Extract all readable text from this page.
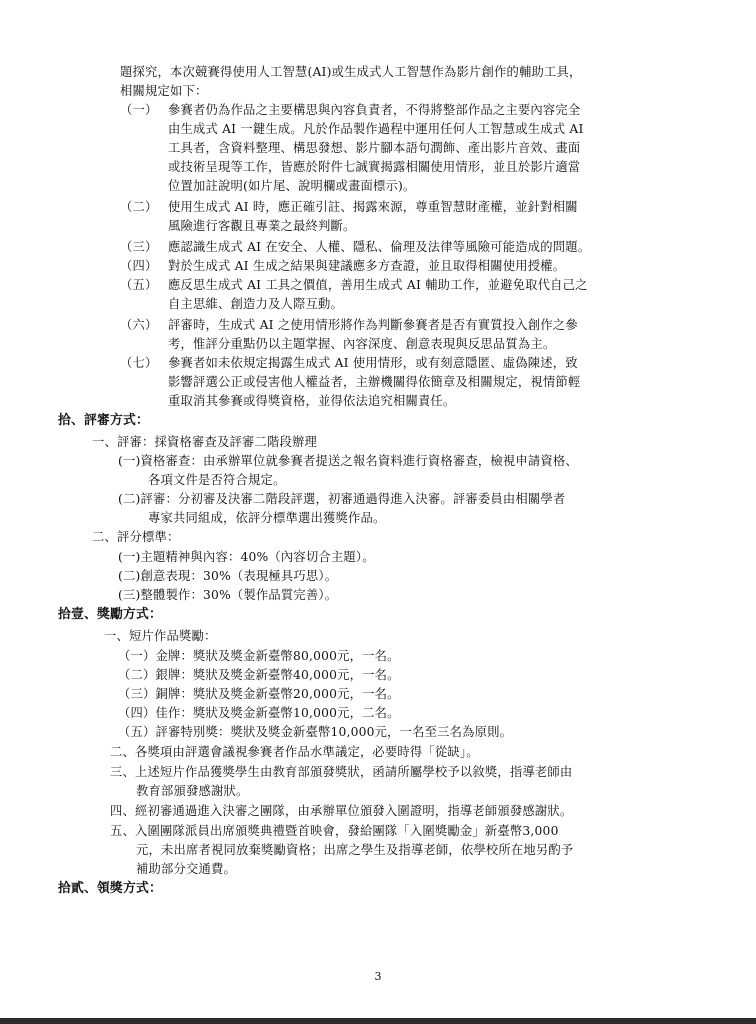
題探究，本次競賽得使用人工智慧(AI)或生成式人工智慧作為影片創作的輔助工具，
相關規定如下：
（一） 參賽者仍為作品之主要構思與內容負責者，不得將整部作品之主要內容完全
由生成式 AI 一鍵生成。凡於作品製作過程中運用任何人工智慧或生成式 AI
工具者，含資料整理、構思發想、影片腳本語句潤飾、產出影片音效、畫面
或技術呈現等工作，皆應於附件七誠實揭露相關使用情形，並且於影片適當
位置加註說明(如片尾、說明欄或畫面標示)。
（二） 使用生成式 AI 時，應正確引註、揭露來源，尊重智慧財產權，並針對相關
風險進行客觀且專業之最終判斷。
（三） 應認識生成式 AI 在安全、人權、隱私、倫理及法律等風險可能造成的問題。
（四） 對於生成式 AI 生成之結果與建議應多方查證，並且取得相關使用授權。
（五） 應反思生成式 AI 工具之價值，善用生成式 AI 輔助工作，並避免取代自己之
自主思維、創造力及人際互動。
（六） 評審時，生成式 AI 之使用情形將作為判斷參賽者是否有實質投入創作之參
考，惟評分重點仍以主題掌握、內容深度、創意表現與反思品質為主。
（七） 參賽者如未依規定揭露生成式 AI 使用情形，或有刻意隱匿、虛偽陳述，致
影響評選公正或侵害他人權益者，主辦機關得依簡章及相關規定，視情節輕
重取消其參賽或得獎資格，並得依法追究相關責任。
拾、評審方式：
一、評審：採資格審查及評審二階段辦理
(一)資格審查：由承辦單位就參賽者提送之報名資料進行資格審查，檢視申請資格、
各項文件是否符合規定。
(二)評審：分初審及決審二階段評選，初審通過得進入決審。評審委員由相關學者
專家共同組成，依評分標準選出獲獎作品。
二、評分標準：
(一)主題精神與內容：40%（內容切合主題）。
(二)創意表現：30%（表現極具巧思）。
(三)整體製作：30%（製作品質完善）。
拾壹、獎勵方式：
一、短片作品獎勵：
（一）金牌：獎狀及獎金新臺幣80,000元，一名。
（二）銀牌：獎狀及獎金新臺幣40,000元，一名。
（三）銅牌：獎狀及獎金新臺幣20,000元，一名。
（四）佳作：獎狀及獎金新臺幣10,000元，二名。
（五）評審特別獎：獎狀及獎金新臺幣10,000元，一名至三名為原則。
二、各獎項由評選會議視參賽者作品水準議定，必要時得「從缺」。
三、上述短片作品獲獎學生由教育部頒發獎狀，函請所屬學校予以敘獎，指導老師由
教育部頒發感謝狀。
四、經初審通過進入決審之團隊，由承辦單位頒發入圍證明，指導老師頒發感謝狀。
五、入圍團隊派員出席頒獎典禮暨首映會，發給團隊「入圍獎勵金」新臺幣3,000
元，未出席者視同放棄獎勵資格；出席之學生及指導老師，依學校所在地另酌予
補助部分交通費。
拾貳、領獎方式：
3
